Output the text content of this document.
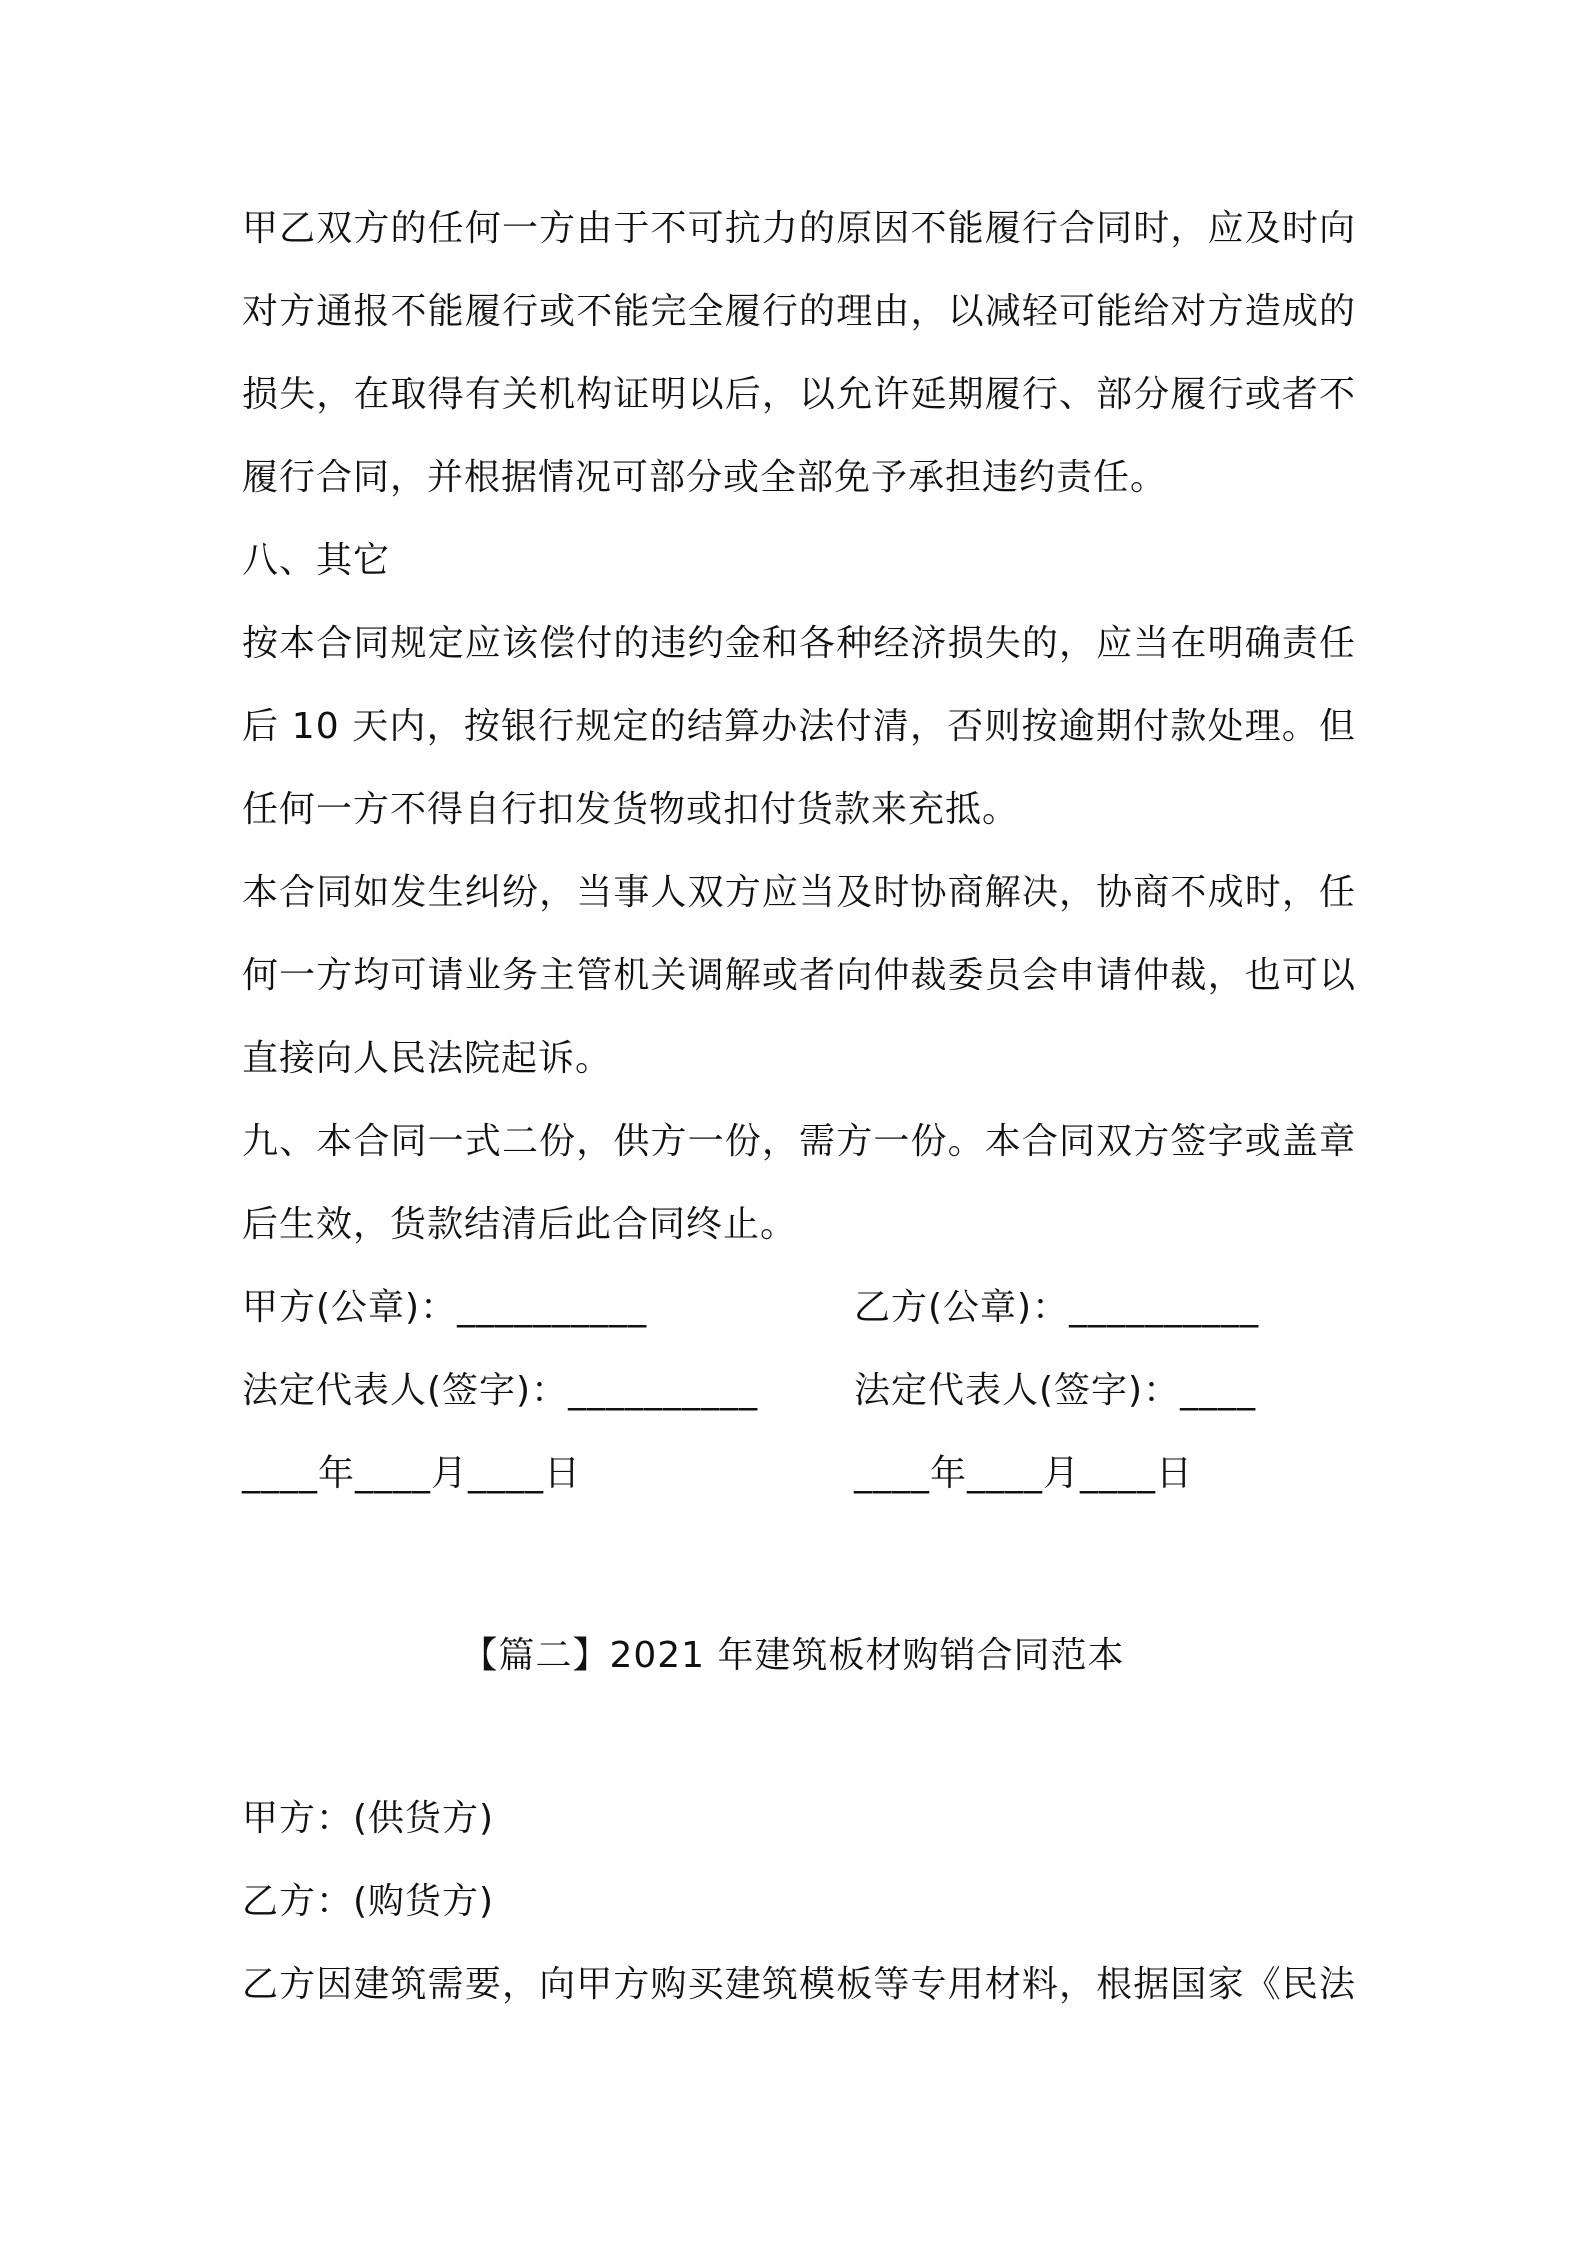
甲乙双方的任何一方由于不可抗力的原因不能履行合同时，应及时向
对方通报不能履行或不能完全履行的理由，以减轻可能给对方造成的
损失，在取得有关机构证明以后，以允许延期履行、部分履行或者不
履行合同，并根据情况可部分或全部免予承担违约责任。
八、其它
按本合同规定应该偿付的违约金和各种经济损失的，应当在明确责任
后 10 天内，按银行规定的结算办法付清，否则按逾期付款处理。但
任何一方不得自行扣发货物或扣付货款来充抵。
本合同如发生纠纷，当事人双方应当及时协商解决，协商不成时，任
何一方均可请业务主管机关调解或者向仲裁委员会申请仲裁，也可以
直接向人民法院起诉。
九、本合同一式二份，供方一份，需方一份。本合同双方签字或盖章
后生效，货款结清后此合同终止。
甲方(公章)：__________	乙方(公章)：__________
法定代表人(签字)：__________	法定代表人(签字)：____
____年____月____日	____年____月____日
【篇二】2021 年建筑板材购销合同范本
甲方：(供货方)
乙方：(购货方)
乙方因建筑需要，向甲方购买建筑模板等专用材料，根据国家《民法
